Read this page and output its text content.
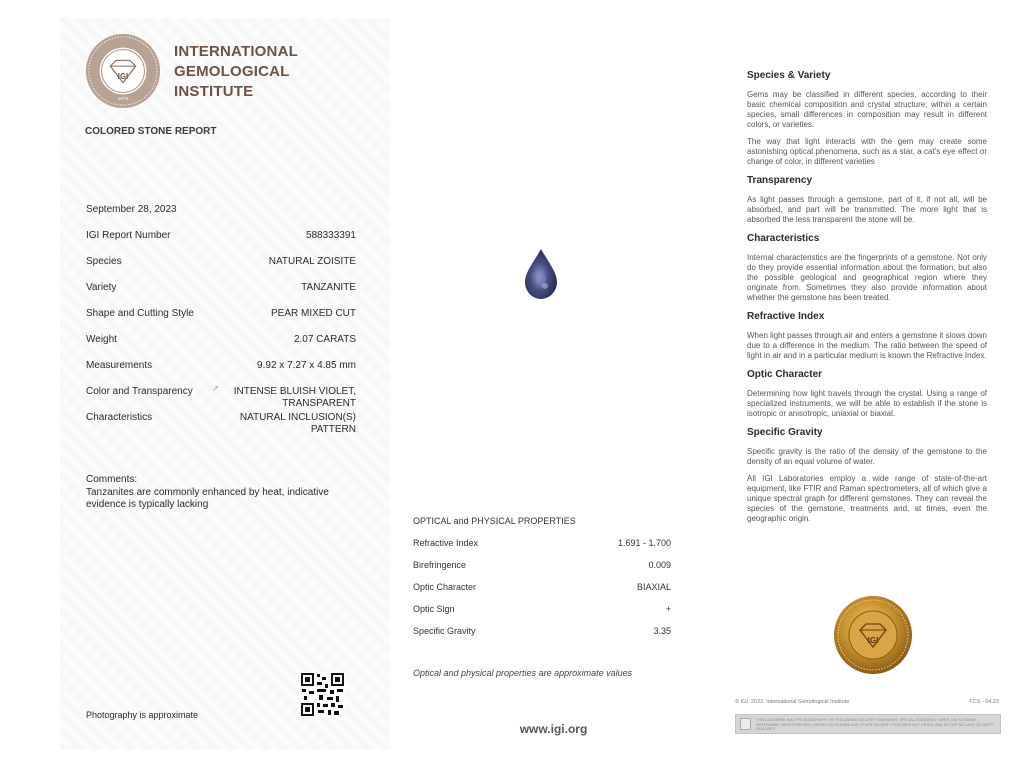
IGI
1975
INTERNATIONAL
GEMOLOGICAL
INSTITUTE
COLORED STONE REPORT
September 28, 2023
IGI Report Number	588333391
Species	NATURAL ZOISITE
Variety	TANZANITE
Shape and Cutting Style	PEAR MIXED CUT
Weight	2.07 CARATS
Measurements	9.92 x 7.27 x 4.85 mm
Color and Transparency	INTENSE BLUISH VIOLET,
TRANSPARENT
↗
Characteristics	NATURAL INCLUSION(S)
PATTERN
Comments:
Tanzanites are commonly enhanced by heat, indicative evidence is typically lacking
Photography is approximate
OPTICAL and PHYSICAL PROPERTIES
Refractive Index	1.691 - 1.700
Birefringence	0.009
Optic Character	BIAXIAL
Optic Sign	+
Specific Gravity	3.35
Optical and physical properties are approximate values
www.igi.org
Species & Variety

Gems may be classified in different species, according to their basic chemical composition and crystal structure; within a certain species, small differences in composition may result in different colors, or varieties.

The way that light interacts with the gem may create some astonishing optical phenomena, such as a star, a cat's eye effect or change of color, in different varieties

Transparency

As light passes through a gemstone, part of it, if not all, will be absorbed, and part will be transmitted. The more light that is absorbed the less transparent the stone will be.

Characteristics

Internal characteristics are the fingerprints of a gemstone. Not only do they provide essential information about the formation, but also the possible geological and geographical region where they originate from. Sometimes they also provide information about whether the gemstone has been treated.

Refractive Index

When light passes through air and enters a gemstone it slows down due to a difference in the medium. The ratio between the speed of light in air and in a particular medium is known the Refractive Index.

Optic Character

Determining how light travels through the crystal. Using a range of specialized instruments, we will be able to establish if the stone is isotropic or anisotropic, uniaxial or biaxial.

Specific Gravity

Specific gravity is the ratio of the density of the gemstone to the density of an equal volume of water.

All IGI Laboratories employ a wide range of state-of-the-art equipment, like FTIR and Raman spectrometers, all of which give a unique spectral graph for different gemstones. They can reveal the species of the gemstone, treatments and, at times, even the geographic origin.

IGI
© IGI, 2022, International Gemological Institute	FCS - 04.23
THIS DOCUMENT WAS PRODUCED WITH THE FOLLOWING SECURITY MEASURES: SPECIAL DOCUMENT PAPER, INK SCREENS, WATERMARK, MICROPRINTING, HIDDEN HOLOGRAMS AND OTHER SECURITY FEATURES NOT LISTED, AND DO NOT INCLUDE SECURITY FEATURES.
